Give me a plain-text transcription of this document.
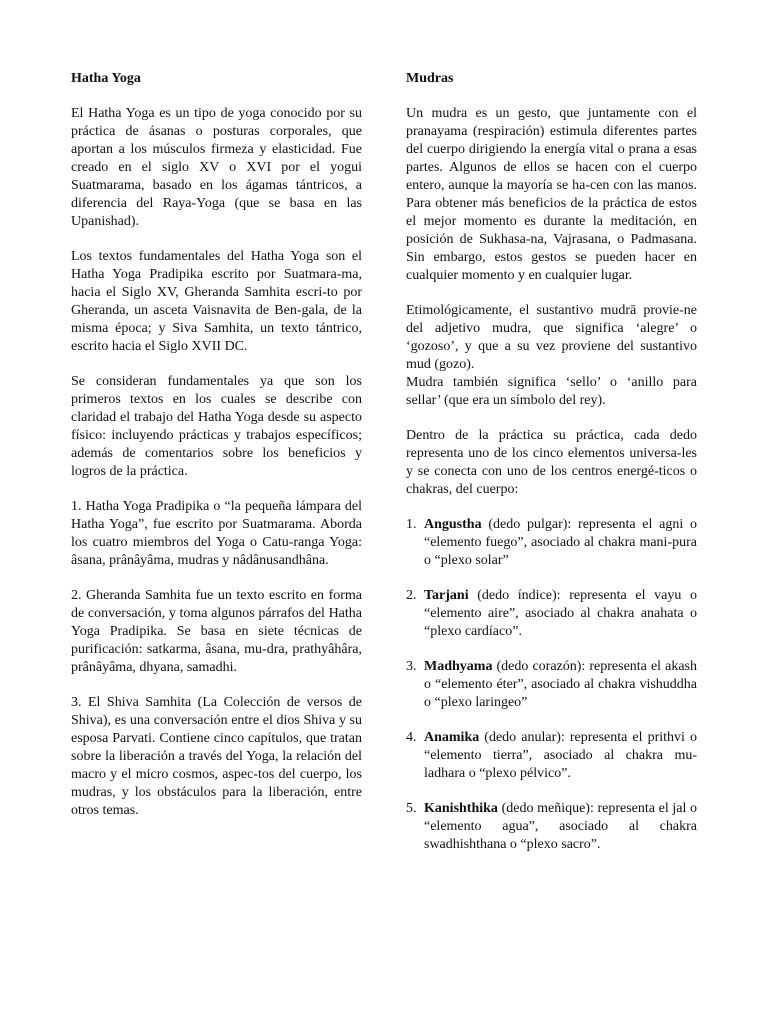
Hatha Yoga

El Hatha Yoga es un tipo de yoga conocido por su práctica de ásanas o posturas corporales, que aportan a los músculos firmeza y elasticidad. Fue creado en el siglo XV o XVI por el yogui Suatmarama, basado en los ágamas tántricos, a diferencia del Raya-Yoga (que se basa en las Upanishad).

Los textos fundamentales del Hatha Yoga son el Hatha Yoga Pradipika escrito por Suatmara-ma, hacia el Siglo XV, Gheranda Samhita escri-to por Gheranda, un asceta Vaisnavita de Ben-gala, de la misma época; y Siva Samhita, un texto tántrico, escrito hacia el Siglo XVII DC.

Se consideran fundamentales ya que son los primeros textos en los cuales se describe con claridad el trabajo del Hatha Yoga desde su aspecto físico: incluyendo prácticas y trabajos específicos; además de comentarios sobre los beneficios y logros de la práctica.

1. Hatha Yoga Pradipika o “la pequeña lámpara del Hatha Yoga”, fue escrito por Suatmarama. Aborda los cuatro miembros del Yoga o Catu-ranga Yoga: âsana, prânâyâma, mudras y nâdânusandhâna.

2. Gheranda Samhita fue un texto escrito en forma de conversación, y toma algunos párrafos del Hatha Yoga Pradipika. Se basa en siete técnicas de purificación: satkarma, âsana, mu-dra, prathyâhâra, prânâyâma, dhyana, samadhi.

3. El Shiva Samhita (La Colección de versos de Shiva), es una conversación entre el dios Shiva y su esposa Parvati. Contiene cinco capítulos, que tratan sobre la liberación a través del Yoga, la relación del macro y el micro cosmos, aspec-tos del cuerpo, los mudras, y los obstáculos para la liberación, entre otros temas.

Mudras

Un mudra es un gesto, que juntamente con el pranayama (respiración) estimula diferentes partes del cuerpo dirigiendo la energía vital o prana a esas partes. Algunos de ellos se hacen con el cuerpo entero, aunque la mayoría se ha-cen con las manos. Para obtener más beneficios de la práctica de estos el mejor momento es durante la meditación, en posición de Sukhasa-na, Vajrasana, o Padmasana. Sin embargo, estos gestos se pueden hacer en cualquier momento y en cualquier lugar.

Etimológicamente, el sustantivo mudrā provie-ne del adjetivo mudra, que significa ‘alegre’ o ‘gozoso’, y que a su vez proviene del sustantivo mud (gozo).

Mudra también significa ‘sello’ o ‘anillo para sellar’ (que era un símbolo del rey).

Dentro de la práctica su práctica, cada dedo representa uno de los cinco elementos universa-les y se conecta con uno de los centros energé-ticos o chakras, del cuerpo:

1. Angustha (dedo pulgar): representa el agni o “elemento fuego”, asociado al chakra mani-pura o “plexo solar”
2. Tarjani (dedo índice): representa el vayu o “elemento aire”, asociado al chakra anahata o “plexo cardíaco”.
3. Madhyama (dedo corazón): representa el akash o “elemento éter”, asociado al chakra vishuddha o “plexo laringeo”
4. Anamika (dedo anular): representa el prithvi o “elemento tierra”, asociado al chakra mu-ladhara o “plexo pélvico”.
5. Kanishthika (dedo meñique): representa el jal o “elemento agua”, asociado al chakra swadhishthana o “plexo sacro”.
